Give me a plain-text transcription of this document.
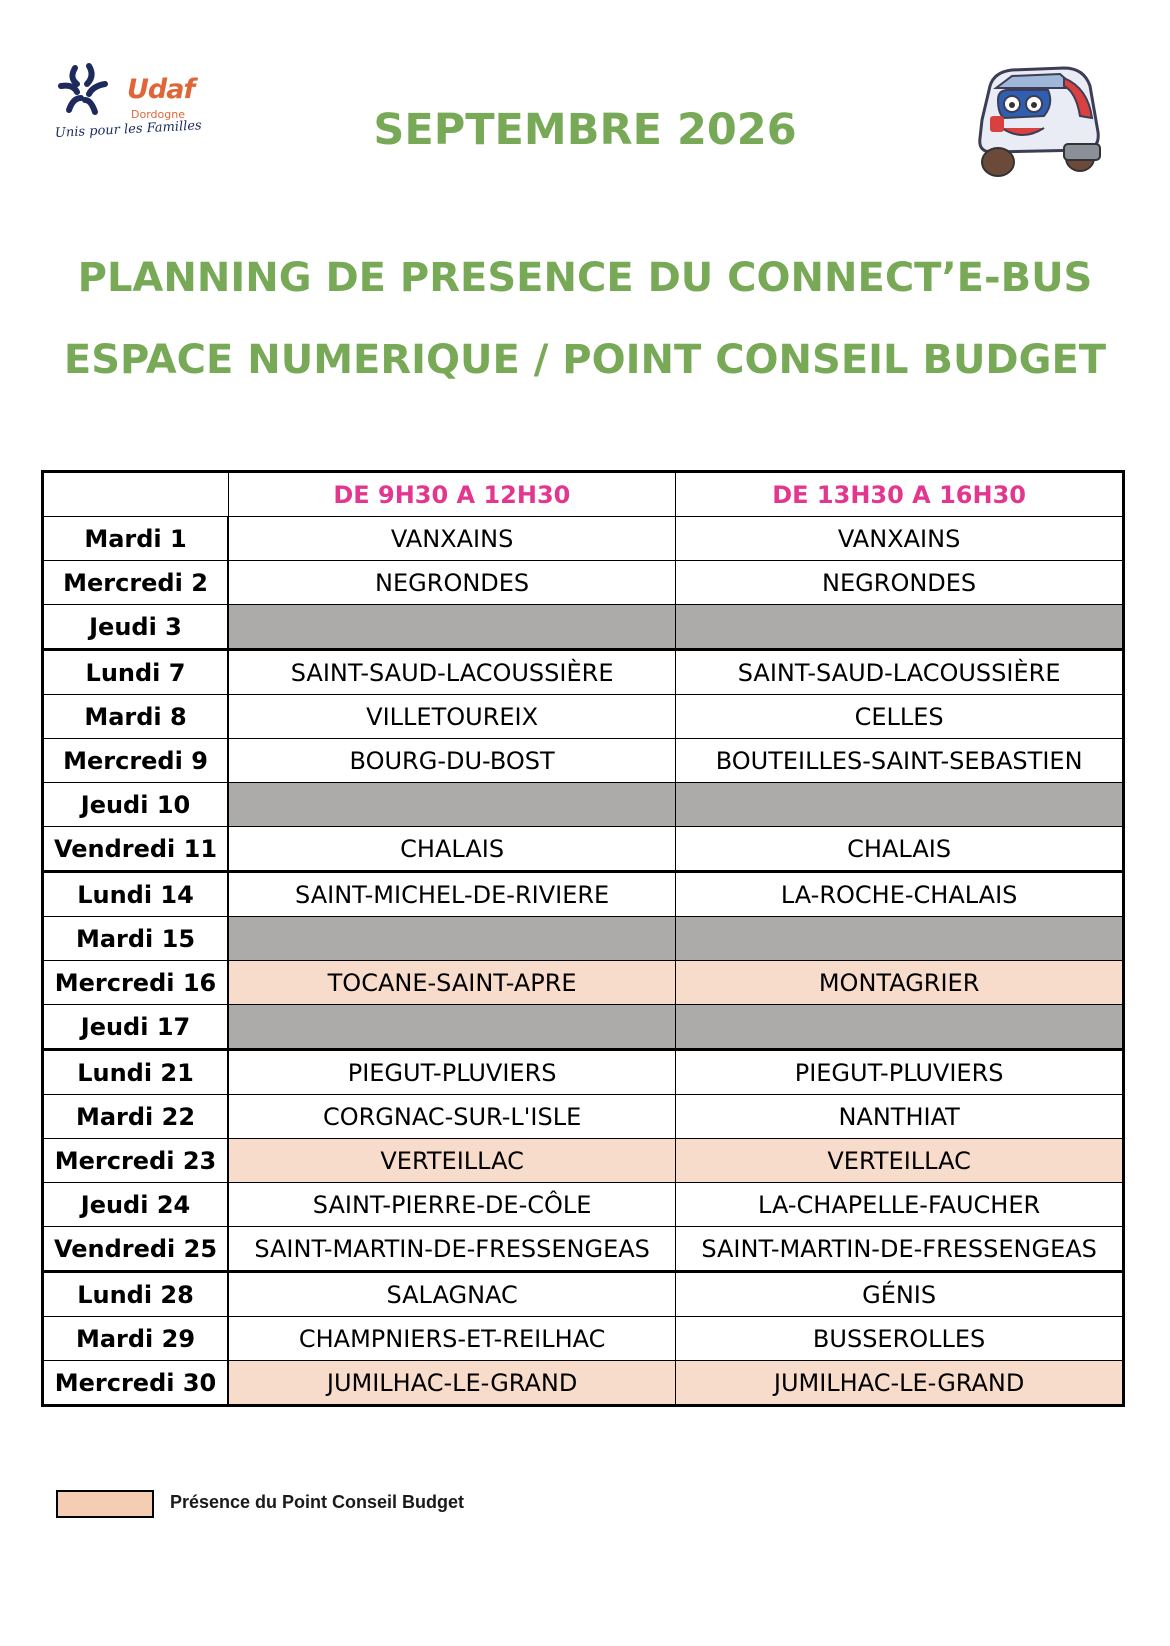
Udaf
Dordogne
Unis pour les Familles	SEPTEMBRE 2026
PLANNING DE PRESENCE DU CONNECT’E-BUS
ESPACE NUMERIQUE / POINT CONSEIL BUDGET
	DE 9H30 A 12H30	DE 13H30 A 16H30
Mardi 1	VANXAINS	VANXAINS
Mercredi 2	NEGRONDES	NEGRONDES
Jeudi 3		
Lundi 7	SAINT-SAUD-LACOUSSIÈRE	SAINT-SAUD-LACOUSSIÈRE
Mardi 8	VILLETOUREIX	CELLES
Mercredi 9	BOURG-DU-BOST	BOUTEILLES-SAINT-SEBASTIEN
Jeudi 10		
Vendredi 11	CHALAIS	CHALAIS
Lundi 14	SAINT-MICHEL-DE-RIVIERE	LA-ROCHE-CHALAIS
Mardi 15		
Mercredi 16	TOCANE-SAINT-APRE	MONTAGRIER
Jeudi 17		
Lundi 21	PIEGUT-PLUVIERS	PIEGUT-PLUVIERS
Mardi 22	CORGNAC-SUR-L'ISLE	NANTHIAT
Mercredi 23	VERTEILLAC	VERTEILLAC
Jeudi 24	SAINT-PIERRE-DE-CÔLE	LA-CHAPELLE-FAUCHER
Vendredi 25	SAINT-MARTIN-DE-FRESSENGEAS	SAINT-MARTIN-DE-FRESSENGEAS
Lundi 28	SALAGNAC	GÉNIS
Mardi 29	CHAMPNIERS-ET-REILHAC	BUSSEROLLES
Mercredi 30	JUMILHAC-LE-GRAND	JUMILHAC-LE-GRAND
Présence du Point Conseil Budget
